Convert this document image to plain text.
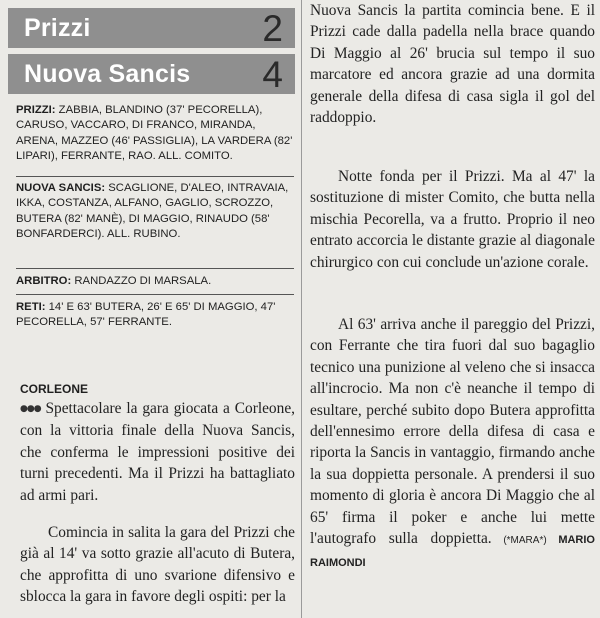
Prizzi	2
Nuova Sancis 4
PRIZZI: ZABBIA, BLANDINO (37' PECORELLA), CARUSO, VACCARO, DI FRANCO, MIRANDA, ARENA, MAZZEO (46' PASSIGLIA), LA VARDERA (82' LIPARI), FERRANTE, RAO. ALL. COMITO.
NUOVA SANCIS: SCAGLIONE, D'ALEO, INTRAVAIA, IKKA, COSTANZA, ALFANO, GAGLIO, SCROZZO, BUTERA (82' MANÈ), DI MAGGIO, RINAUDO (58' BONFARDERCI). ALL. RUBINO.
ARBITRO: RANDAZZO DI MARSALA.
RETI: 14' E 63' BUTERA, 26' E 65' DI MAGGIO, 47' PECORELLA, 57' FERRANTE.
CORLEONE

●●● Spettacolare la gara giocata a Corleone, con la vittoria finale della Nuova Sancis, che conferma le impressioni positive dei turni precedenti. Ma il Prizzi ha battagliato ad armi pari.

Comincia in salita la gara del Prizzi che già al 14' va sotto grazie all'acuto di Butera, che approfitta di uno svarione difensivo e sblocca la gara in favore degli ospiti: per la

Nuova Sancis la partita comincia bene. E il Prizzi cade dalla padella nella brace quando Di Maggio al 26' brucia sul tempo il suo marcatore ed ancora grazie ad una dormita generale della difesa di casa sigla il gol del raddoppio.

Notte fonda per il Prizzi. Ma al 47' la sostituzione di mister Comito, che butta nella mischia Pecorella, va a frutto. Proprio il neo entrato accorcia le distante grazie al diagonale chirurgico con cui conclude un'azione corale.

Al 63' arriva anche il pareggio del Prizzi, con Ferrante che tira fuori dal suo bagaglio tecnico una punizione al veleno che si insacca all'incrocio. Ma non c'è neanche il tempo di esultare, perché subito dopo Butera approfitta dell'ennesimo errore della difesa di casa e riporta la Sancis in vantaggio, firmando anche la sua doppietta personale. A prendersi il suo momento di gloria è ancora Di Maggio che al 65' firma il poker e anche lui mette l'autografo sulla doppietta. (*MARA*) MARIO RAIMONDI
